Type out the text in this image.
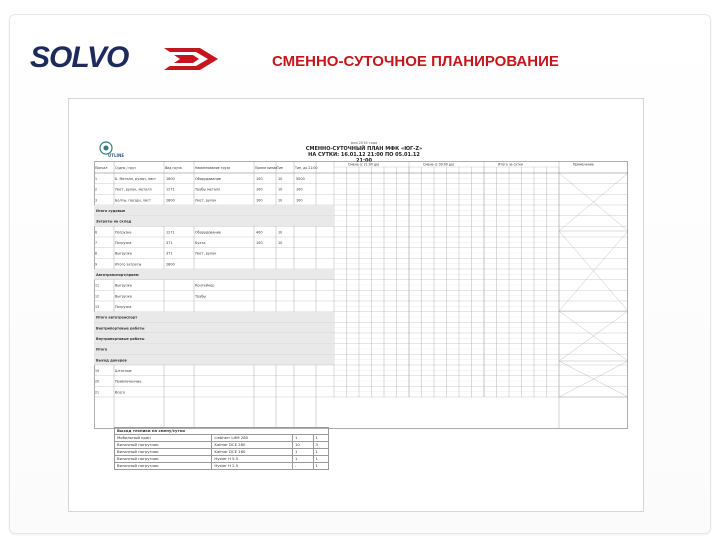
SOLVO	СМЕННО-СУТОЧНОЕ ПЛАНИРОВАНИЕ
UTLINE
мая 2016 года
СМЕННО-СУТОЧНЫЙ ПЛАН МФК «ЮГ-Z»
НА СУТКИ: 16.01.12 21:00 ПО 05.01.12 21:00
Причал Судно / груз	Вид груза	Наименование груза	Прием линии Тип	Тип, до 21:00
Смена (с 21:00 до)	Смена (с 09:00 до)	Итого за сутки	Примечание
1	Б. Металл, рулон, лист	1800	Оборудование	100	10	5000
2	Лист, рулон, металл	1271	Трубы металл	100	10	100
3	Болты, гвозди, лист	2800	Лист, рулон	100	10	100
Итого судовые
Затраты на склад
6	Погрузка	1271	Оборудование	400	10
7	Погрузка	371	Бухта	100	10
8	Выгрузка	371	Лист, рулон
9	Итого затраты	2800
Автотранспорт/прием
11	Выгрузка	Контейнер
12	Выгрузка	Трубы
13	Погрузка
Итого автотранспорт
Внутрипортовые работы
Внутрипортовые работы
Итого
Выход докеров
19	Штатные
20	Привлеченные
21	Всего
Выход техники на смену/сутки			
Мобильный кран	Liebherr LHM 280	1	1
Вилочный погрузчик	Kalmar DCE 280	10	3
Вилочный погрузчик	Kalmar DCE 160	1	1
Вилочный погрузчик	Hyster H 5.5	1	1
Вилочный погрузчик	Hyster H 2.5	-	1
